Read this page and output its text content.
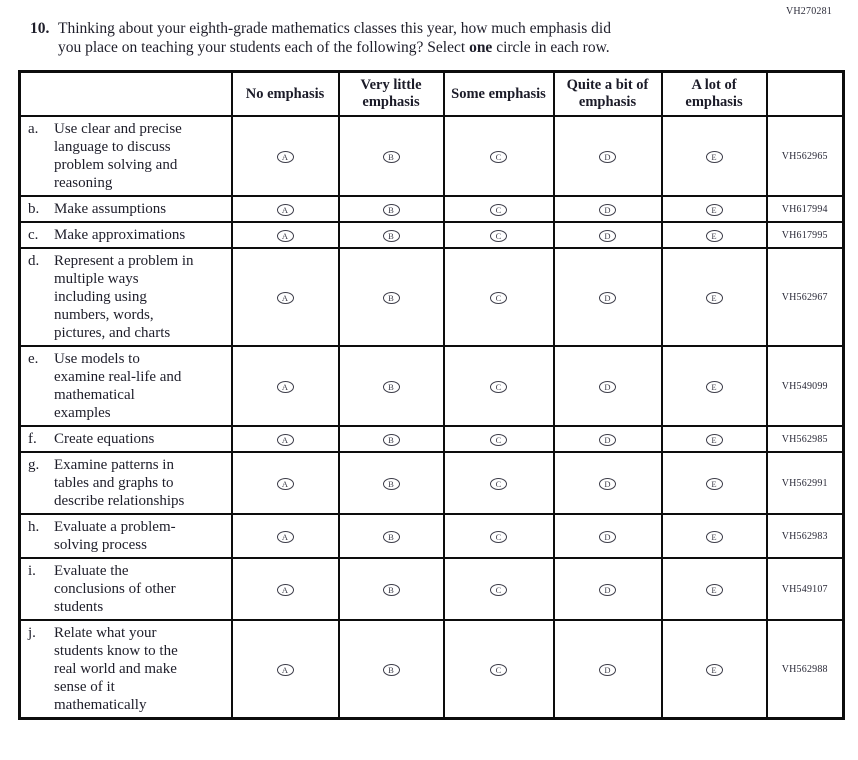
VH270281
10. Thinking about your eighth-grade mathematics classes this year, how much emphasis did you place on teaching your students each of the following? Select one circle in each row.
	No emphasis	Very little emphasis	Some emphasis	Quite a bit of emphasis	A lot of emphasis	
a. Use clear and precise language to discuss problem solving and reasoning	A	B	C	D	E	VH562965
b. Make assumptions	A	B	C	D	E	VH617994
c. Make approximations	A	B	C	D	E	VH617995
d. Represent a problem in multiple ways including using numbers, words, pictures, and charts	A	B	C	D	E	VH562967
e. Use models to examine real-life and mathematical examples	A	B	C	D	E	VH549099
f. Create equations	A	B	C	D	E	VH562985
g. Examine patterns in tables and graphs to describe relationships	A	B	C	D	E	VH562991
h. Evaluate a problem-solving process	A	B	C	D	E	VH562983
i. Evaluate the conclusions of other students	A	B	C	D	E	VH549107
j. Relate what your students know to the real world and make sense of it mathematically	A	B	C	D	E	VH562988
